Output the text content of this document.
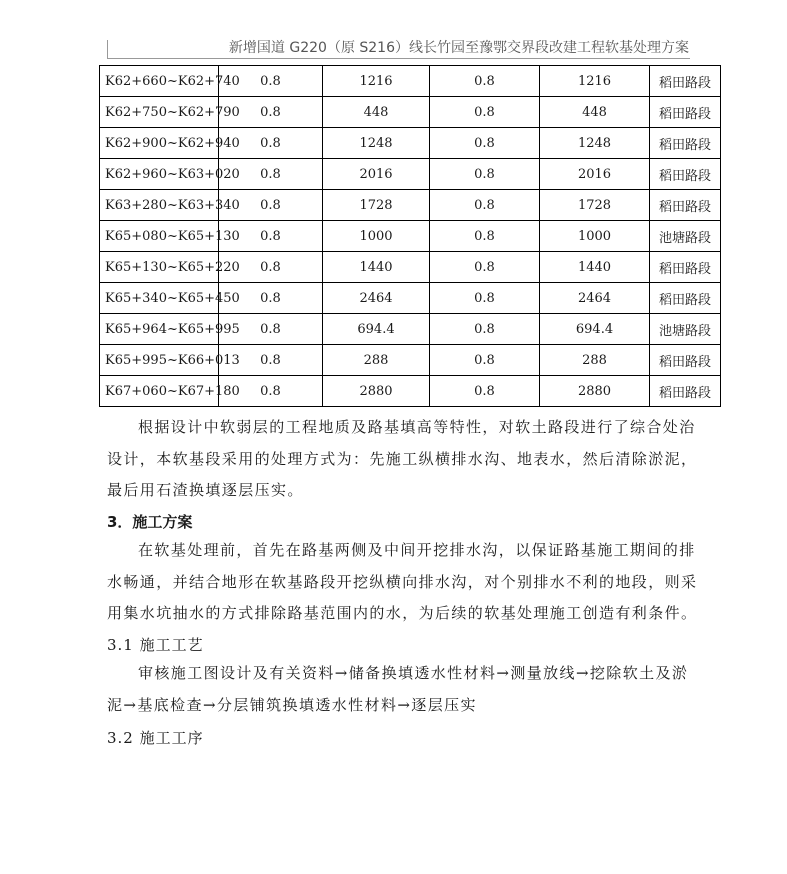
新增国道 G220（原 S216）线长竹园至豫鄂交界段改建工程软基处理方案
K62+660~K62+740	0.8	1216	0.8	1216	稻田路段
K62+750~K62+790	0.8	448	0.8	448	稻田路段
K62+900~K62+940	0.8	1248	0.8	1248	稻田路段
K62+960~K63+020	0.8	2016	0.8	2016	稻田路段
K63+280~K63+340	0.8	1728	0.8	1728	稻田路段
K65+080~K65+130	0.8	1000	0.8	1000	池塘路段
K65+130~K65+220	0.8	1440	0.8	1440	稻田路段
K65+340~K65+450	0.8	2464	0.8	2464	稻田路段
K65+964~K65+995	0.8	694.4	0.8	694.4	池塘路段
K65+995~K66+013	0.8	288	0.8	288	稻田路段
K67+060~K67+180	0.8	2880	0.8	2880	稻田路段
根据设计中软弱层的工程地质及路基填高等特性，对软土路段进行了综合处治
设计，本软基段采用的处理方式为：先施工纵横排水沟、地表水，然后清除淤泥，
最后用石渣换填逐层压实。
3．施工方案
在软基处理前，首先在路基两侧及中间开挖排水沟，以保证路基施工期间的排
水畅通，并结合地形在软基路段开挖纵横向排水沟，对个别排水不利的地段，则采
用集水坑抽水的方式排除路基范围内的水，为后续的软基处理施工创造有利条件。
3.1 施工工艺
审核施工图设计及有关资料→储备换填透水性材料→测量放线→挖除软土及淤
泥→基底检查→分层铺筑换填透水性材料→逐层压实
3.2 施工工序
